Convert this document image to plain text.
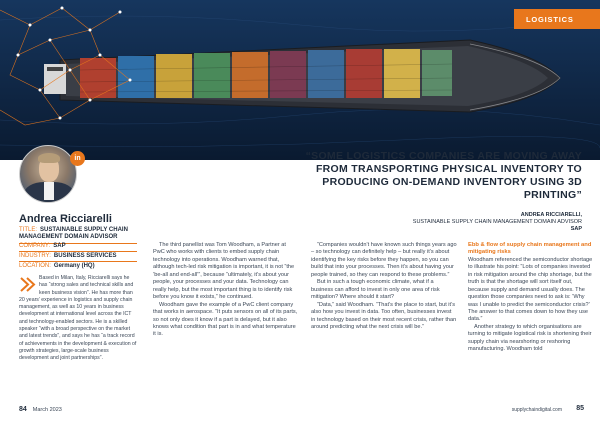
LOGISTICS
“SOME LOGISTICS COMPANIES ARE MOVING AWAY FROM TRANSPORTING PHYSICAL INVENTORY TO PRODUCING ON-DEMAND INVENTORY USING 3D PRINTING”
ANDREA RICCIARELLI,
SUSTAINABLE SUPPLY CHAIN MANAGEMENT DOMAIN ADVISOR
SAP
in
Andrea Ricciarelli
TITLE: SUSTAINABLE SUPPLY CHAIN MANAGEMENT DOMAIN ADVISOR
COMPANY: SAP
INDUSTRY: BUSINESS SERVICES
LOCATION: Germany (HQ)
Based in Milan, Italy, Ricciarelli says he has “strong sales and technical skills and keen business vision”. He has more than 20 years’ experience in logistics and supply chain management, as well as 10 years in business development at international level across the ICT and technology-enabled sectors. He is a skilled speaker “with a broad perspective on the market and latest trends”, and says he has “a track record of achievements in the development & execution of growth strategies, large-scale business development and joint partnerships”.

The third panellist was Tom Woodham, a Partner at PwC who works with clients to embed supply chain technology into operations. Woodham warned that, although tech-led risk mitigation is important, it is not “the ‘be-all and end-all’”, because “ultimately, it’s about your people, your processes and your data. Technology can really help, but the most important thing is to identify risk before you know it exists,” he continued.

Woodham gave the example of a PwC client company that works in aerospace. “It puts sensors on all of its parts, so not only does it know if a part is delayed, but it also knows what condition that part is in and what temperature it is.

“Companies wouldn’t have known such things years ago – so technology can definitely help – but really it’s about identifying the key risks before they happen, so you can build that into your processes. Then it’s about having your people trained, so they can respond to these problems.”

But in such a tough economic climate, what if a business can afford to invest in only one area of risk mitigation? Where should it start?

“Data,” said Woodham. “That’s the place to start, but it’s also how you invest in data. Too often, businesses invest in technology based on their most recent crisis, rather than around predicting what the next crisis will be.”

Ebb & flow of supply chain management and mitigating risks

Woodham referenced the semiconductor shortage to illustrate his point: “Lots of companies invested in risk mitigation around the chip shortage, but the truth is that the shortage will sort itself out, because supply and demand usually does. The question those companies need to ask is: ‘Why was I unable to predict the semiconductor crisis?’ The answer to that comes down to how they use data.”

Another strategy to which organisations are turning to mitigate logistical risk is shortening their supply chain via nearshoring or reshoring manufacturing. Woodham told

84 March 2023	supplychaindigital.com 85
